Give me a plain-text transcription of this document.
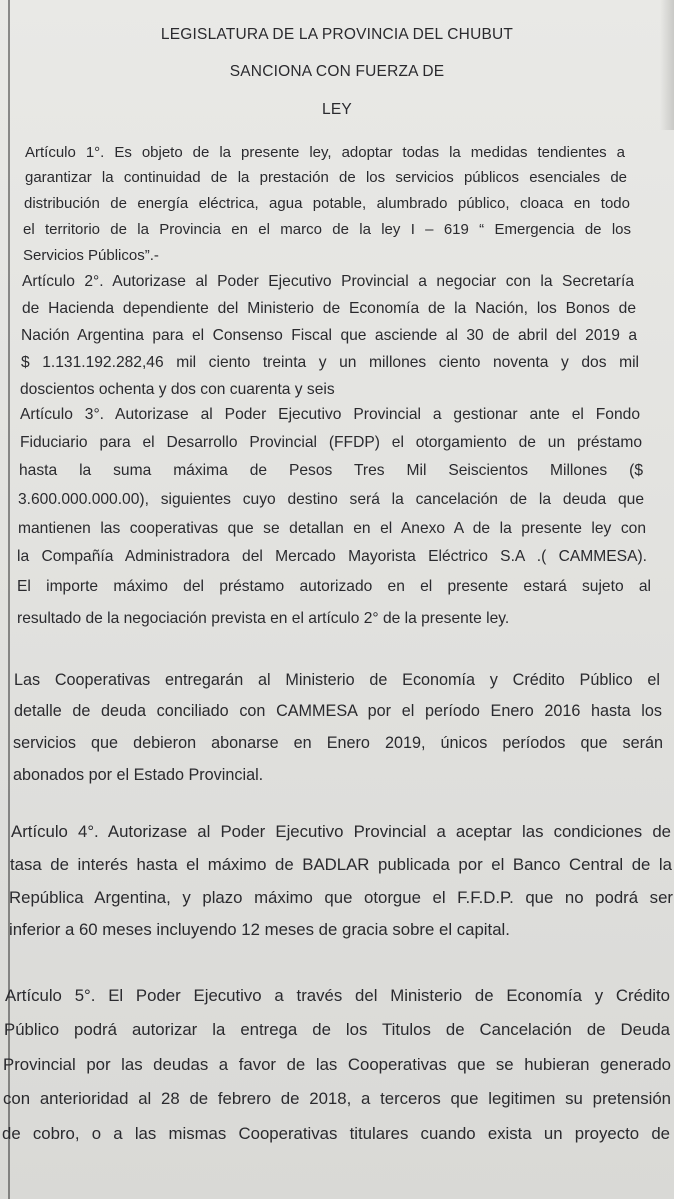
LEGISLATURA DE LA PROVINCIA DEL CHUBUT
SANCIONA CON FUERZA DE
LEY
Artículo 1°. Es objeto de la presente ley, adoptar todas la medidas tendientes a
garantizar la continuidad de la prestación de los servicios públicos esenciales de
distribución de energía eléctrica, agua potable, alumbrado público, cloaca en todo
el territorio de la Provincia en el marco de la ley I – 619 “ Emergencia de los
Servicios Públicos”.-
Artículo 2°. Autorizase al Poder Ejecutivo Provincial a negociar con la Secretaría
de Hacienda dependiente del Ministerio de Economía de la Nación, los Bonos de
Nación Argentina para el Consenso Fiscal que asciende al 30 de abril del 2019 a
$ 1.131.192.282,46 mil ciento treinta y un millones ciento noventa y dos mil
doscientos ochenta y dos con cuarenta y seis
Artículo 3°. Autorizase al Poder Ejecutivo Provincial a gestionar ante el Fondo
Fiduciario para el Desarrollo Provincial (FFDP) el otorgamiento de un préstamo
hasta la suma máxima de Pesos Tres Mil Seiscientos Millones ($
3.600.000.000.00), siguientes cuyo destino será la cancelación de la deuda que
mantienen las cooperativas que se detallan en el Anexo A de la presente ley con
la Compañía Administradora del Mercado Mayorista Eléctrico S.A .( CAMMESA).
El importe máximo del préstamo autorizado en el presente estará sujeto al
resultado de la negociación prevista en el artículo 2° de la presente ley.
Las Cooperativas entregarán al Ministerio de Economía y Crédito Público el
detalle de deuda conciliado con CAMMESA por el período Enero 2016 hasta los
servicios que debieron abonarse en Enero 2019, únicos períodos que serán
abonados por el Estado Provincial.
Artículo 4°. Autorizase al Poder Ejecutivo Provincial a aceptar las condiciones de
tasa de interés hasta el máximo de BADLAR publicada por el Banco Central de la
República Argentina, y plazo máximo que otorgue el F.F.D.P. que no podrá ser
inferior a 60 meses incluyendo 12 meses de gracia sobre el capital.
Artículo 5°. El Poder Ejecutivo a través del Ministerio de Economía y Crédito
Público podrá autorizar la entrega de los Titulos de Cancelación de Deuda
Provincial por las deudas a favor de las Cooperativas que se hubieran generado
con anterioridad al 28 de febrero de 2018, a terceros que legitimen su pretensión
de cobro, o a las mismas Cooperativas titulares cuando exista un proyecto de
